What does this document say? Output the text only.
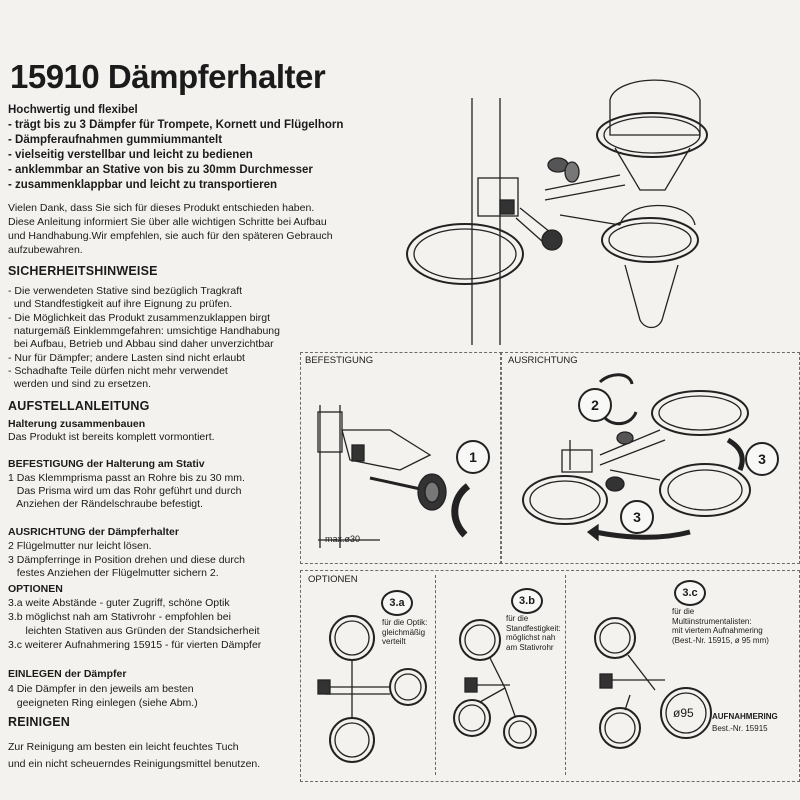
15910 Dämpferhalter
Hochwertig und flexibel
- trägt bis zu 3 Dämpfer für Trompete, Kornett und Flügelhorn
- Dämpferaufnahmen gummiummantelt
- vielseitig verstellbar und leicht zu bedienen
- anklemmbar an Stative von bis zu 30mm Durchmesser
- zusammenklappbar und leicht zu transportieren
Vielen Dank, dass Sie sich für dieses Produkt entschieden haben.
Diese Anleitung informiert Sie über alle wichtigen Schritte bei Aufbau
und Handhabung.Wir empfehlen, sie auch für den späteren Gebrauch
aufzubewahren.
SICHERHEITSHINWEISE
- Die verwendeten Stative sind bezüglich Tragkraft
und Standfestigkeit auf ihre Eignung zu prüfen.
- Die Möglichkeit das Produkt zusammenzuklappen birgt
naturgemäß Einklemmgefahren: umsichtige Handhabung
bei Aufbau, Betrieb und Abbau sind daher unverzichtbar
- Nur für Dämpfer; andere Lasten sind nicht erlaubt
- Schadhafte Teile dürfen nicht mehr verwendet
werden und sind zu ersetzen.
AUFSTELLANLEITUNG
Halterung zusammenbauen
Das Produkt ist bereits komplett vormontiert.
BEFESTIGUNG der Halterung am Stativ
1 Das Klemmprisma passt an Rohre bis zu 30 mm.
Das Prisma wird um das Rohr geführt und durch
Anziehen der Rändelschraube befestigt.
AUSRICHTUNG der Dämpferhalter
2 Flügelmutter nur leicht lösen.
3 Dämpferringe in Position drehen und diese durch
festes Anziehen der Flügelmutter sichern 2.
OPTIONEN
3.a weite Abstände - guter Zugriff, schöne Optik
3.b möglichst nah am Stativrohr - empfohlen bei
leichten Stativen aus Gründen der Standsicherheit
3.c weiterer Aufnahmering 15915 - für vierten Dämpfer
EINLEGEN der Dämpfer
4 Die Dämpfer in den jeweils am besten
geeigneten Ring einlegen (siehe Abm.)
REINIGEN
Zur Reinigung am besten ein leicht feuchtes Tuch
und ein nicht scheuerndes Reinigungsmittel benutzen.
BEFESTIGUNG
max.ø30
1
AUSRICHTUNG
2
3
3
OPTIONEN
3.a
für die Optik:
gleichmäßig
verteilt
3.b
für die
Standfestigkeit:
möglichst nah
am Stativrohr
3.c
für die
Multiinstrumentalisten:
mit viertem Aufnahmering
(Best.-Nr. 15915, ø 95 mm)
ø95 AUFNAHMERING
Best.-Nr. 15915
